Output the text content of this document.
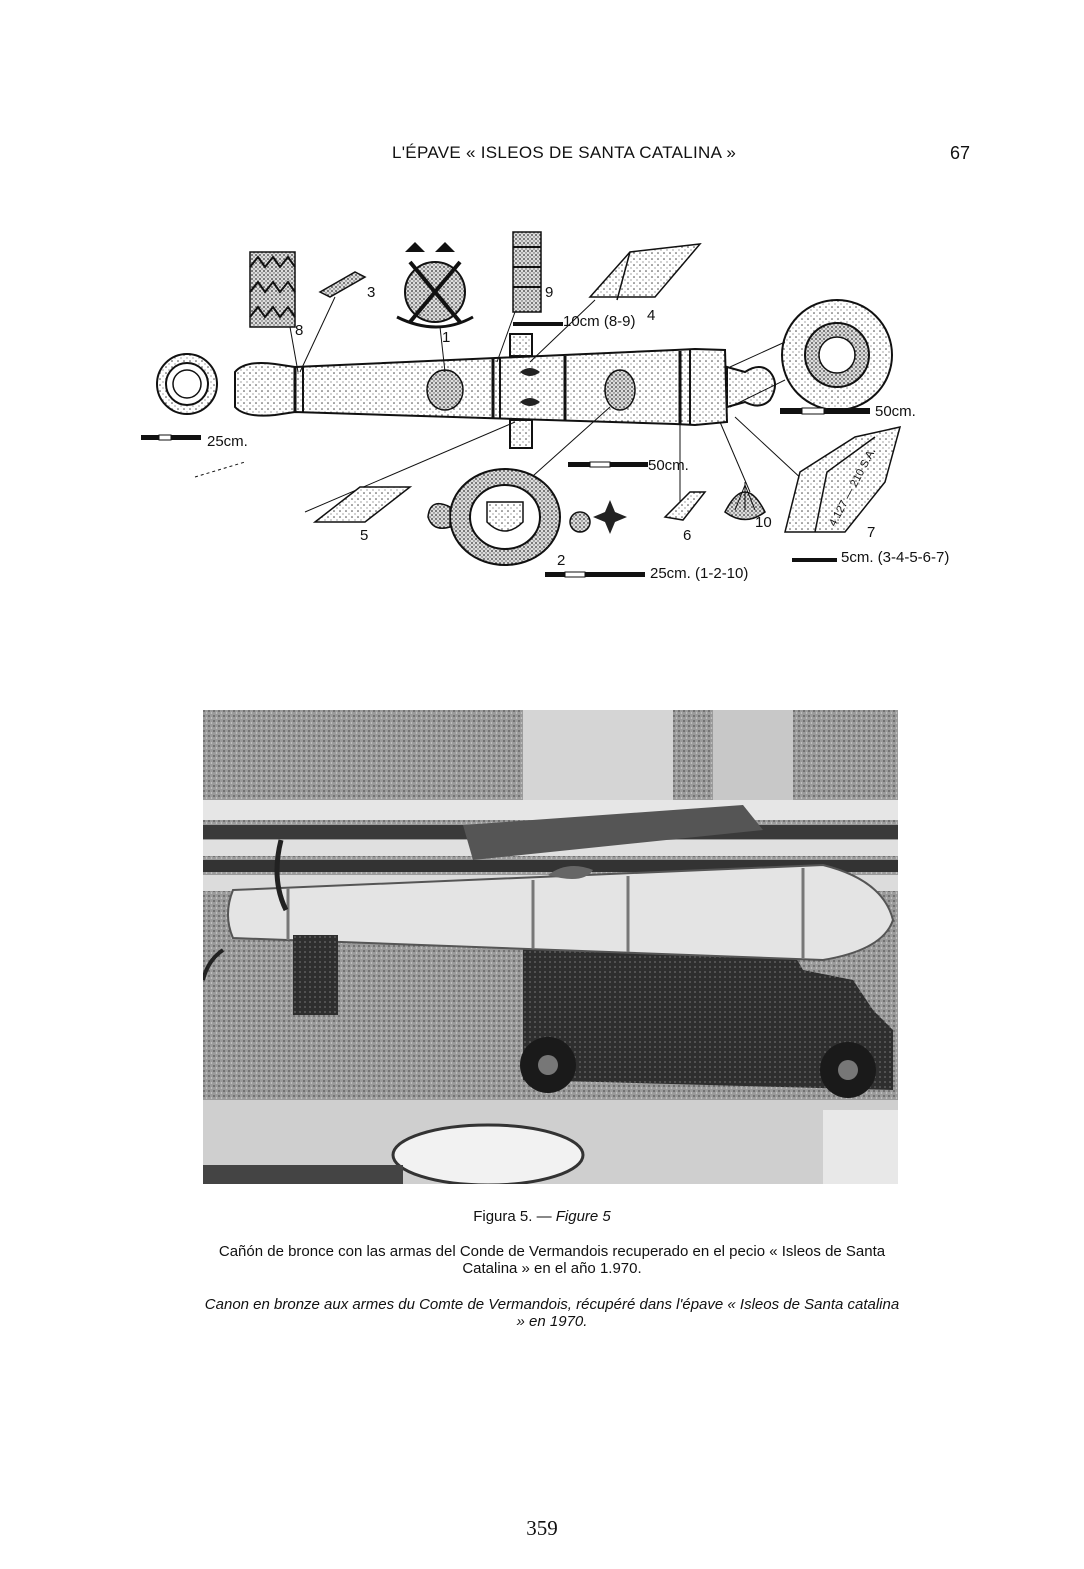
L'ÉPAVE « ISLEOS DE SANTA CATALINA »	67
25cm.
50cm.
8
3
1
9
10cm (8-9) 4
50cm.
5
2
25cm. (1-2-10)
6
10	4.127 — 210 S.A.
7
5cm. (3-4-5-6-7)
Figura 5. — Figure 5
Cañón de bronce con las armas del Conde de Vermandois recuperado en el pecio « Isleos de Santa Catalina » en el año 1.970.
Canon en bronze aux armes du Comte de Vermandois, récupéré dans l'épave « Isleos de Santa catalina » en 1970.
359
